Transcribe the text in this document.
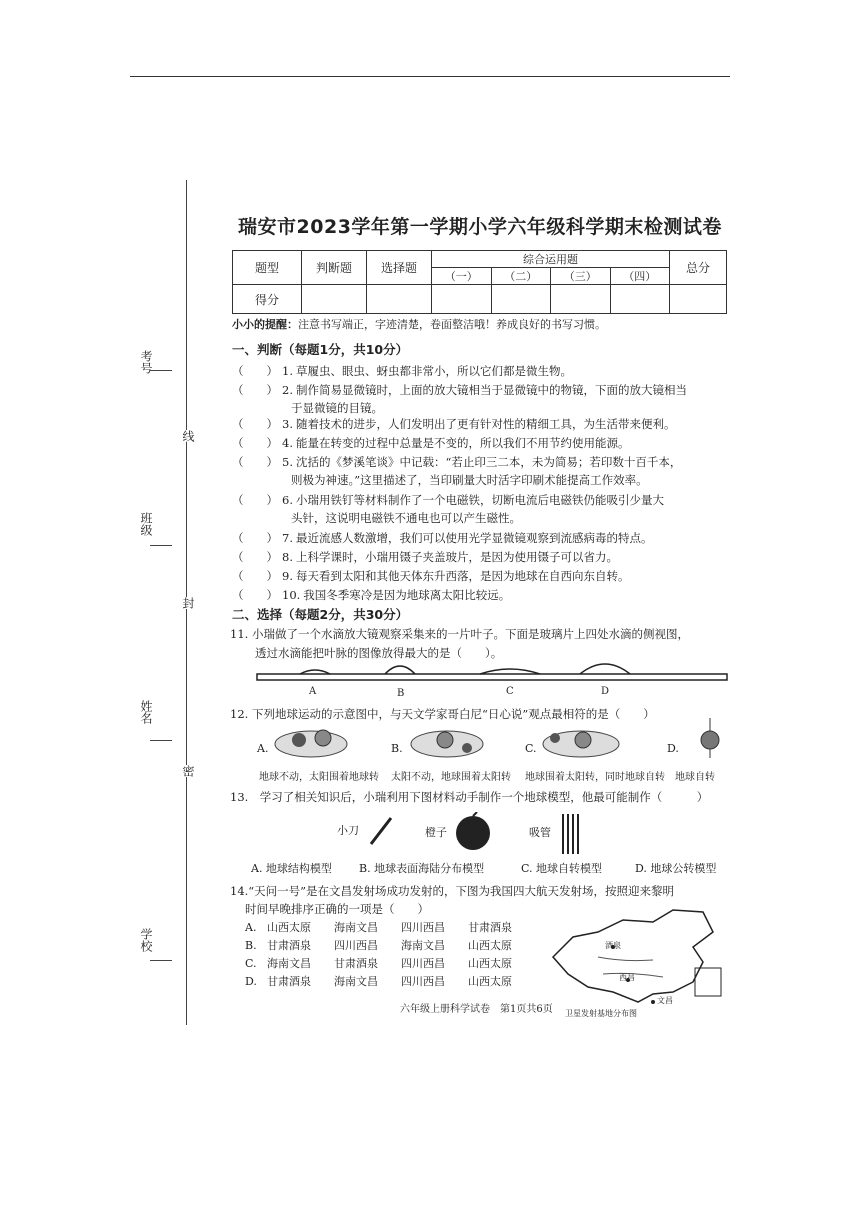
考号
班级
姓名
学校
线
封
密
瑞安市2023学年第一学期小学六年级科学期末检测试卷
题型	判断题	选择题	综合运用题				总分
			（一）	（二）	（三）	（四）	
得分							
小小的提醒：注意书写端正，字迹清楚，卷面整洁哦！养成良好的书写习惯。
一、判断（每题1分，共10分）
（　　） 1. 草履虫、眼虫、蚜虫都非常小，所以它们都是微生物。
（　　） 2. 制作简易显微镜时，上面的放大镜相当于显微镜中的物镜，下面的放大镜相当
于显微镜的目镜。
（　　） 3. 随着技术的进步，人们发明出了更有针对性的精细工具，为生活带来便利。
（　　） 4. 能量在转变的过程中总量是不变的，所以我们不用节约使用能源。
（　　） 5. 沈括的《梦溪笔谈》中记载：“若止印三二本，未为简易；若印数十百千本，
则极为神速。”这里描述了，当印刷量大时活字印刷术能提高工作效率。
（　　） 6. 小瑞用铁钉等材料制作了一个电磁铁，切断电流后电磁铁仍能吸引少量大
头针，这说明电磁铁不通电也可以产生磁性。
（　　） 7. 最近流感人数激增，我们可以使用光学显微镜观察到流感病毒的特点。
（　　） 8. 上科学课时，小瑞用镊子夹盖玻片，是因为使用镊子可以省力。
（　　） 9. 每天看到太阳和其他天体东升西落，是因为地球在自西向东自转。
（　　） 10. 我国冬季寒冷是因为地球离太阳比较远。
二、选择（每题2分，共30分）
11. 小瑞做了一个水滴放大镜观察采集来的一片叶子。下面是玻璃片上四处水滴的侧视图，
透过水滴能把叶脉的图像放得最大的是（　　）。
A	B	C	D
12. 下列地球运动的示意图中，与天文学家哥白尼“日心说”观点最相符的是（　　）
A.
地球不动，太阳围着地球转
B.
太阳不动，地球围着太阳转
C.
地球围着太阳转，同时地球自转
D.
地球自转
13.　学习了相关知识后，小瑞利用下图材料动手制作一个地球模型，他最可能制作（　　　）
小刀	橙子	吸管
A. 地球结构模型 B. 地球表面海陆分布模型	C. 地球自转模型	D. 地球公转模型
14.“天问一号”是在文昌发射场成功发射的，下图为我国四大航天发射场，按照迎来黎明
时间早晚排序正确的一项是（　　）
A. 山西太原 海南文昌 四川西昌 甘肃酒泉
B. 甘肃酒泉 四川西昌 海南文昌 山西太原
C. 海南文昌 甘肃酒泉 四川西昌 山西太原
D. 甘肃酒泉 海南文昌 四川西昌 山西太原
酒泉
西昌
文昌
卫星发射基地分布图
六年级上册科学试卷　第1页共6页
